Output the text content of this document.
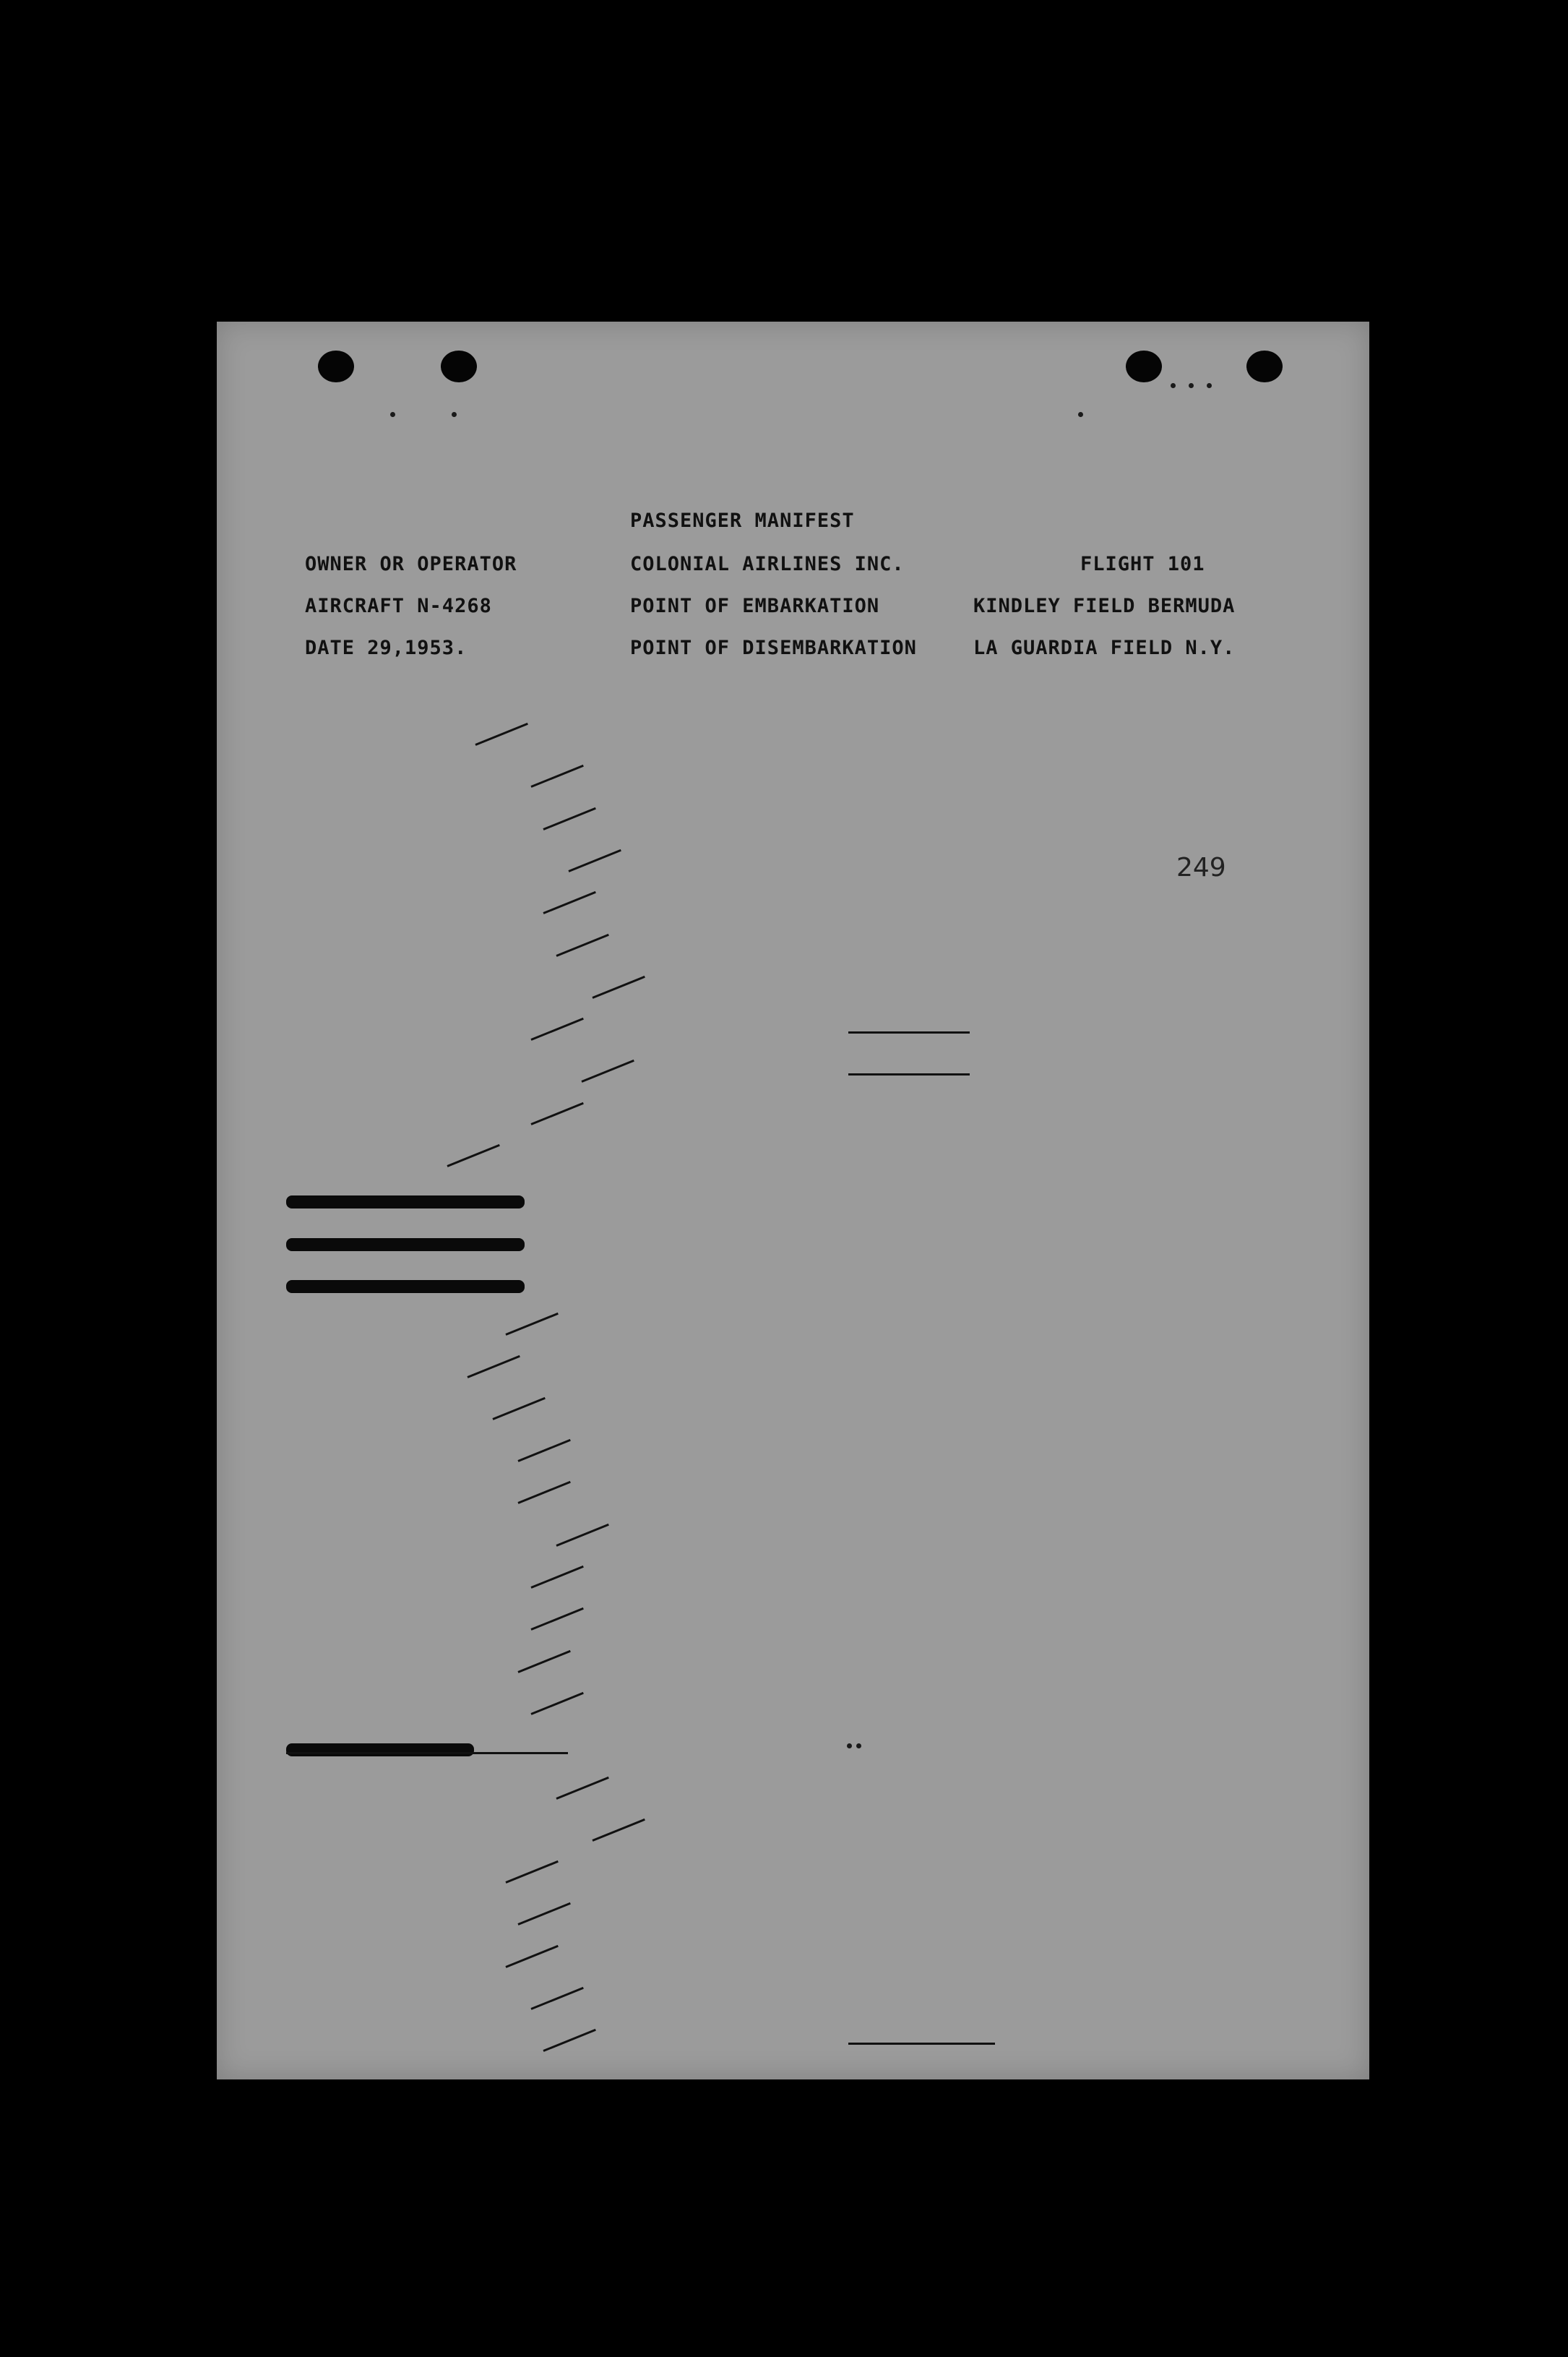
PASSENGER MANIFEST
OWNER OR OPERATOR	COLONIAL AIRLINES INC.	FLIGHT 101
AIRCRAFT N-4268	POINT OF EMBARKATION	KINDLEY FIELD BERMUDA
DATE 29,1953.	POINT OF DISEMBARKATION	LA GUARDIA FIELD N.Y.
249
